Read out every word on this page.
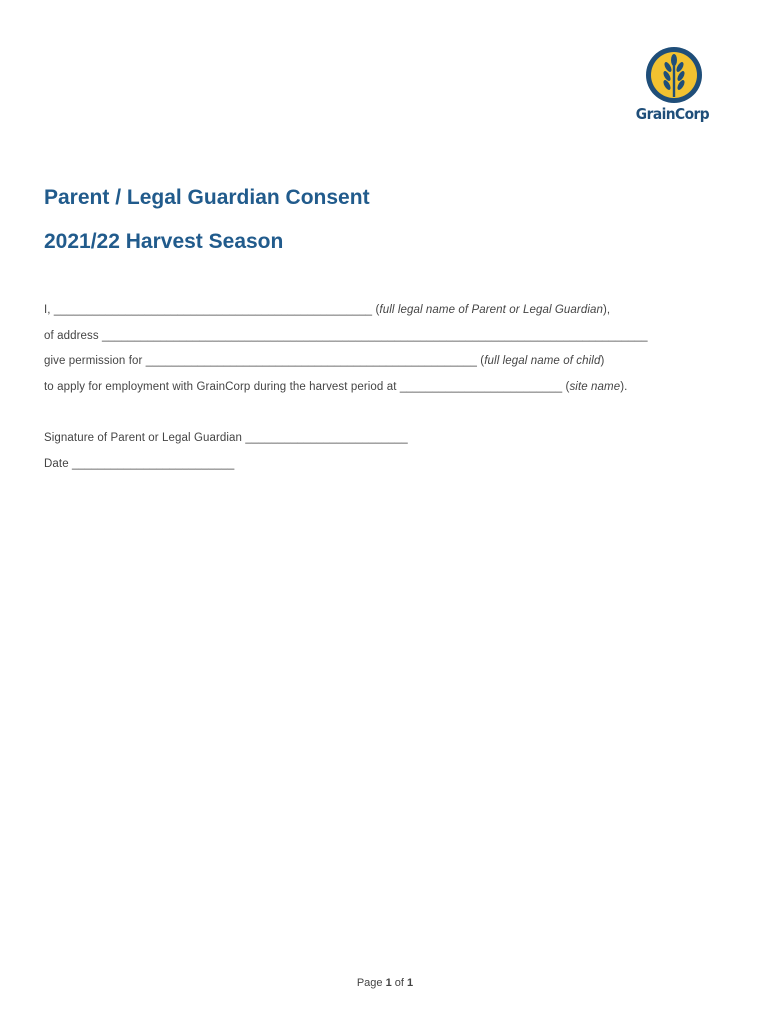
GrainCorp
Parent / Legal Guardian Consent
2021/22 Harvest Season
I, _________________________________________________ (full legal name of Parent or Legal Guardian),
of address ____________________________________________________________________________________
give permission for ___________________________________________________ (full legal name of child)
to apply for employment with GrainCorp during the harvest period at _________________________ (site name).
Signature of Parent or Legal Guardian _________________________
Date _________________________
Page 1 of 1
